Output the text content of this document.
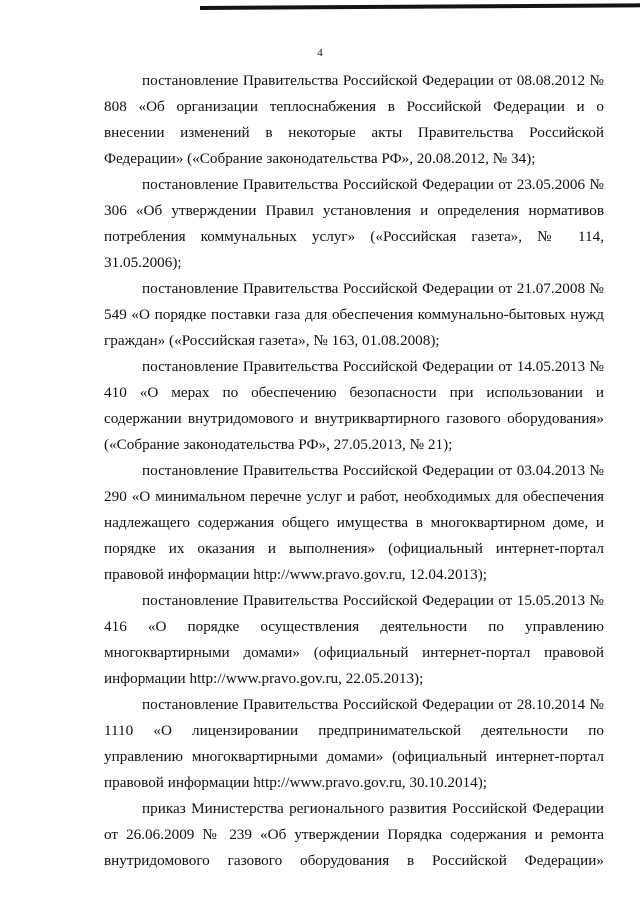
4

постановление Правительства Российской Федерации от 08.08.2012 № 808 «Об организации теплоснабжения в Российской Федерации и о внесении изменений в некоторые акты Правительства Российской Федерации» («Собрание законодательства РФ», 20.08.2012, № 34);

постановление Правительства Российской Федерации от 23.05.2006 № 306 «Об утверждении Правил установления и определения нормативов потребления коммунальных услуг» («Российская газета», № 114, 31.05.2006);

постановление Правительства Российской Федерации от 21.07.2008 № 549 «О порядке поставки газа для обеспечения коммунально-бытовых нужд граждан» («Российская газета», № 163, 01.08.2008);

постановление Правительства Российской Федерации от 14.05.2013 № 410 «О мерах по обеспечению безопасности при использовании и содержании внутридомового и внутриквартирного газового оборудования» («Собрание законодательства РФ», 27.05.2013, № 21);

постановление Правительства Российской Федерации от 03.04.2013 № 290 «О минимальном перечне услуг и работ, необходимых для обеспечения надлежащего содержания общего имущества в многоквартирном доме, и порядке их оказания и выполнения» (официальный интернет-портал правовой информации http://www.pravo.gov.ru, 12.04.2013);

постановление Правительства Российской Федерации от 15.05.2013 № 416 «О порядке осуществления деятельности по управлению многоквартирными домами» (официальный интернет-портал правовой информации http://www.pravo.gov.ru, 22.05.2013);

постановление Правительства Российской Федерации от 28.10.2014 № 1110 «О лицензировании предпринимательской деятельности по управлению многоквартирными домами» (официальный интернет-портал правовой информации http://www.pravo.gov.ru, 30.10.2014);

приказ Министерства регионального развития Российской Федерации от 26.06.2009 № 239 «Об утверждении Порядка содержания и ремонта внутридомового газового оборудования в Российской Федерации»
